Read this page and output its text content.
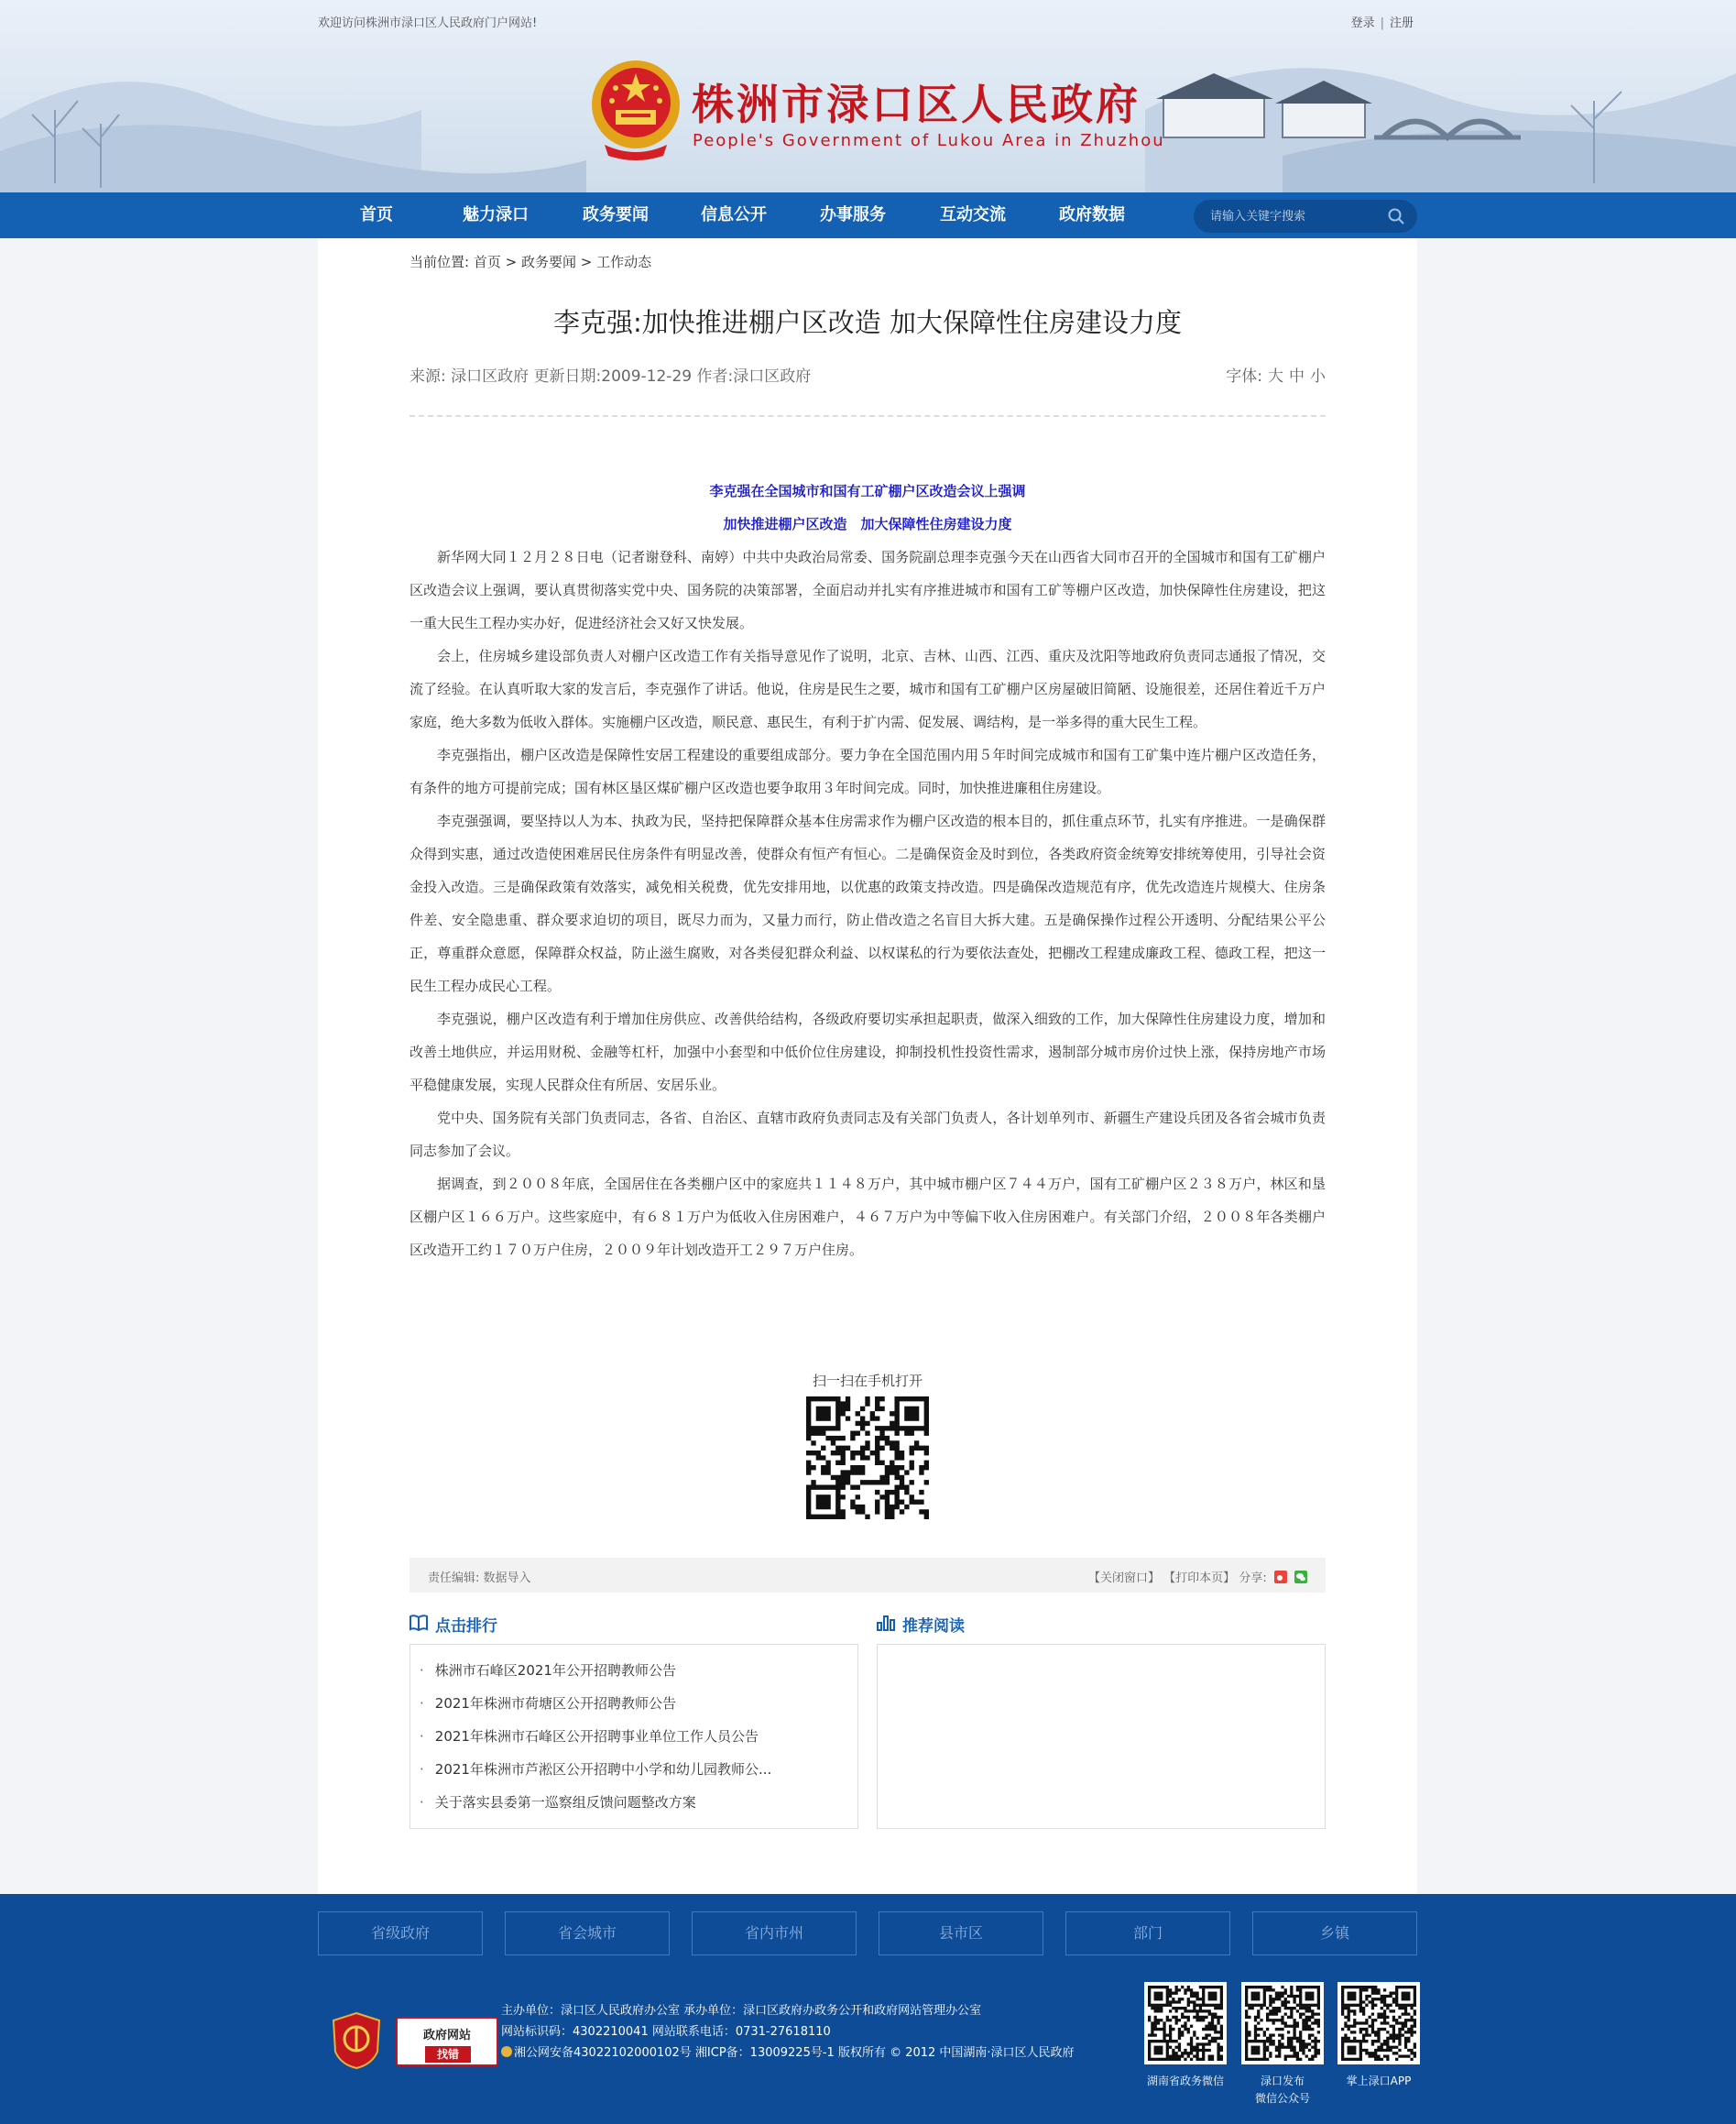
欢迎访问株洲市渌口区人民政府门户网站!	登录 | 注册
株洲市渌口区人民政府
People's Government of Lukou Area in Zhuzhou
首页	魅力渌口	政务要闻	信息公开	办事服务	互动交流	政府数据
请输入关键字搜索
当前位置: 首页 > 政务要闻 > 工作动态
李克强:加快推进棚户区改造 加大保障性住房建设力度
来源: 渌口区政府 更新日期:2009-12-29 作者:渌口区政府	字体: 大 中 小
李克强在全国城市和国有工矿棚户区改造会议上强调
加快推进棚户区改造　加大保障性住房建设力度

新华网大同１２月２８日电（记者谢登科、南婷）中共中央政治局常委、国务院副总理李克强今天在山西省大同市召开的全国城市和国有工矿棚户区改造会议上强调，要认真贯彻落实党中央、国务院的决策部署，全面启动并扎实有序推进城市和国有工矿等棚户区改造，加快保障性住房建设，把这一重大民生工程办实办好，促进经济社会又好又快发展。

会上，住房城乡建设部负责人对棚户区改造工作有关指导意见作了说明，北京、吉林、山西、江西、重庆及沈阳等地政府负责同志通报了情况，交流了经验。在认真听取大家的发言后，李克强作了讲话。他说，住房是民生之要，城市和国有工矿棚户区房屋破旧简陋、设施很差，还居住着近千万户家庭，绝大多数为低收入群体。实施棚户区改造，顺民意、惠民生，有利于扩内需、促发展、调结构，是一举多得的重大民生工程。

李克强指出，棚户区改造是保障性安居工程建设的重要组成部分。要力争在全国范围内用５年时间完成城市和国有工矿集中连片棚户区改造任务，有条件的地方可提前完成；国有林区垦区煤矿棚户区改造也要争取用３年时间完成。同时，加快推进廉租住房建设。

李克强强调，要坚持以人为本、执政为民，坚持把保障群众基本住房需求作为棚户区改造的根本目的，抓住重点环节，扎实有序推进。一是确保群众得到实惠，通过改造使困难居民住房条件有明显改善，使群众有恒产有恒心。二是确保资金及时到位，各类政府资金统筹安排统筹使用，引导社会资金投入改造。三是确保政策有效落实，减免相关税费，优先安排用地，以优惠的政策支持改造。四是确保改造规范有序，优先改造连片规模大、住房条件差、安全隐患重、群众要求迫切的项目，既尽力而为，又量力而行，防止借改造之名盲目大拆大建。五是确保操作过程公开透明、分配结果公平公正，尊重群众意愿，保障群众权益，防止滋生腐败，对各类侵犯群众利益、以权谋私的行为要依法查处，把棚改工程建成廉政工程、德政工程，把这一民生工程办成民心工程。

李克强说，棚户区改造有利于增加住房供应、改善供给结构，各级政府要切实承担起职责，做深入细致的工作，加大保障性住房建设力度，增加和改善土地供应，并运用财税、金融等杠杆，加强中小套型和中低价位住房建设，抑制投机性投资性需求，遏制部分城市房价过快上涨，保持房地产市场平稳健康发展，实现人民群众住有所居、安居乐业。

党中央、国务院有关部门负责同志，各省、自治区、直辖市政府负责同志及有关部门负责人，各计划单列市、新疆生产建设兵团及各省会城市负责同志参加了会议。

据调查，到２００８年底，全国居住在各类棚户区中的家庭共１１４８万户，其中城市棚户区７４４万户，国有工矿棚户区２３８万户，林区和垦区棚户区１６６万户。这些家庭中，有６８１万户为低收入住房困难户，４６７万户为中等偏下收入住房困难户。有关部门介绍，２００８年各类棚户区改造开工约１７０万户住房，２００９年计划改造开工２９７万户住房。

扫一扫在手机打开
责任编辑: 数据导入	【关闭窗口】 【打印本页】 分享:
点击排行
· 株洲市石峰区2021年公开招聘教师公告
· 2021年株洲市荷塘区公开招聘教师公告
· 2021年株洲市石峰区公开招聘事业单位工作人员公告
· 2021年株洲市芦淞区公开招聘中小学和幼儿园教师公...
· 关于落实县委第一巡察组反馈问题整改方案
推荐阅读
省级政府	省会城市	省内市州	县市区	部门	乡镇
政府网站
找错
主办单位：渌口区人民政府办公室 承办单位：渌口区政府办政务公开和政府网站管理办公室
网站标识码：4302210041 网站联系电话：0731-27618110
湘公网安备43022102000102号 湘ICP备：13009225号-1 版权所有 © 2012 中国湖南·渌口区人民政府
湖南省政务微信	渌口发布
微信公众号
掌上渌口APP
